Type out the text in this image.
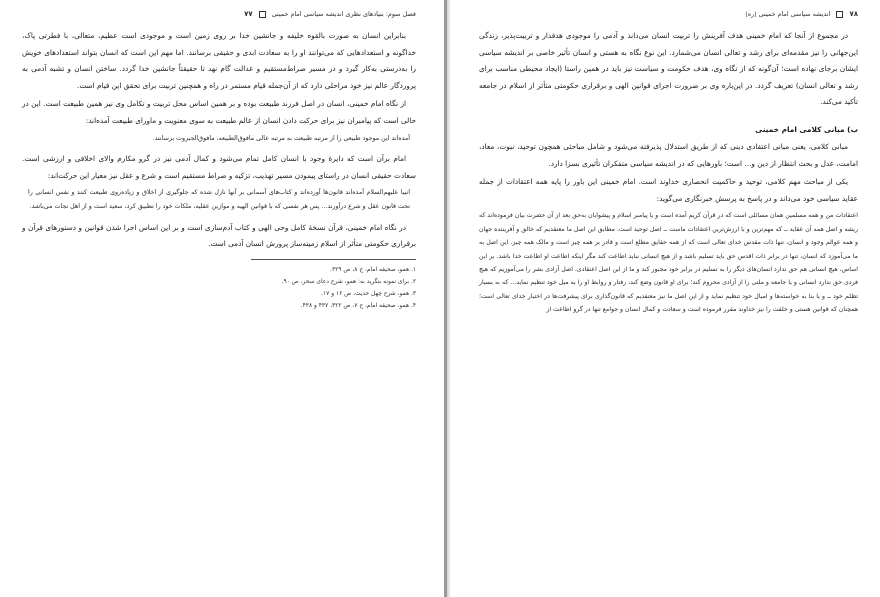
فصل سوم: بنیادهای نظری اندیشه سیاسی امام خمینی
۷۷

بنابراین انسان به صورت بالقوه خلیفه و جانشین خدا بر روی زمین است و موجودی است عظیم، متعالی، با فطرتی پاک، خداگونه و استعدادهایی که می‌توانند او را به سعادت ابدی و حقیقی برسانند. اما مهم این است که انسان بتواند استعدادهای خویش را به‌درستی به‌کار گیرد و در مسیر صراط‌مستقیم و عدالت گام نهد تا حقیقتاً جانشین خدا گردد. ساختن انسان و تشبه آدمی به پروردگار عالم نیز خود مراحلی دارد که از آن‌جمله قیام مستمر در راه و همچنین تربیت برای تحقق این قیام است.

از نگاه امام خمینی، انسان در اصل فرزند طبیعت بوده و بر همین اساس محل تربیت و تکامل وی نیز همین طبیعت است. این در حالی است که پیامبران نیز برای حرکت دادن انسان از عالم طبیعت به سوی معنویت و ماورای طبیعت آمده‌اند:

آمده‌اند این موجود طبیعی را از مرتبه طبیعت به مرتبه عالی مافوق‌الطبیعه، مافوق‌الجبروت برسانند.

امام برآن است که دایرهٔ وجود با انسان کامل تمام می‌شود و کمال آدمی نیز در گرو مکارم والای اخلاقی و ارزشی است. سعادت حقیقی انسان در راستای پیمودن مسیر تهذیب، تزکیه و صراط مستقیم است و شرع و عقل نیز معیار این حرکت‌اند:

انبیا علیهم‌السلام آمده‌اند قانون‌ها آورده‌اند و کتاب‌های آسمانی بر آنها نازل شده که جلوگیری از اخلاق و زیاده‌روی طبیعت کنند و نفس انسانی را تحت قانون عقل و شرع درآورند... پس هر نفسی که با قوانین الهیه و موازین عقلیه، ملکات خود را تطبیق کرد، سعید است و از اهل نجات می‌باشد.

در نگاه امام خمینی، قرآن نسخهٔ کامل وحی الهی و کتاب آدم‌سازی است و بر این اساس اجرا شدن قوانین و دستورهای قرآن و برقراری حکومتی متأثر از اسلام زمینه‌ساز پرورش انسان آدمی است.

۱. همو، صحیفه امام، ج ۸، ص ۳۲۹.
۲. برای نمونه بنگرید به: همو، شرح دعای سحر، ص ۹۰.
۳. همو، شرح چهل حدیث، ص ۱۶ و ۱۷.
۴. همو، صحیفه امام، ج ۷، ص ۳۲۲، ۴۳۷ و ۴۳۸.
۷۸
اندیشه سیاسی امام خمینی (ره)

در مجموع از آنجا که امام خمینی هدف آفرینش را تربیت انسان می‌داند و آدمی را موجودی هدفدار و تربیت‌پذیر، زندگی این‌جهانی را نیز مقدمه‌ای برای رشد و تعالی انسان می‌شمارد. این نوع نگاه به هستی و انسان تأثیر خاصی بر اندیشه سیاسی ایشان برجای نهاده است؛ آن‌گونه که از نگاه وی، هدف حکومت و سیاست نیز باید در همین راستا (ایجاد محیطی مناسب برای رشد و تعالی انسان) تعریف گردد. در این‌باره وی بر ضرورت اجرای قوانین الهی و برقراری حکومتی متأثر از اسلام در جامعه تأکید می‌کند.

ب) مبانی کلامی امام خمینی

مبانی کلامی، یعنی مبانی اعتقادی دینی که از طریق استدلال پذیرفته می‌شود و شامل مباحثی همچون توحید، نبوت، معاد، امامت، عدل و بحث انتظار از دین و... است؛ باورهایی که در اندیشه سیاسی متفکران تأثیری بسزا دارد.

یکی از مباحث مهم کلامی، توحید و حاکمیت انحصاری خداوند است. امام خمینی این باور را پایه همه اعتقادات از جمله عقاید سیاسی خود می‌داند و در پاسخ به پرسش خبرنگاری می‌گوید:

اعتقادات من و همه مسلمین همان مسائلی است که در قرآن کریم آمده است و یا پیامبر اسلام و پیشوایان به‌حق بعد از آن حضرت بیان فرموده‌اند که ریشه و اصل همه آن عقاید ــ که مهم‌ترین و با ارزش‌ترین اعتقادات ماست ــ اصل توحید است. مطابق این اصل ما معتقدیم که خالق و آفریننده جهان و همه عوالم وجود و انسان، تنها ذات مقدس خدای تعالی است که از همه حقایق مطلع است و قادر بر همه چیز است و مالک همه چیز. این اصل به ما می‌آموزد که انسان، تنها در برابر ذات اقدس حق باید تسلیم باشد و از هیچ انسانی نباید اطاعت کند مگر اینکه اطاعت او اطاعت خدا باشد. بر این اساس، هیچ انسانی هم حق ندارد انسان‌های دیگر را به تسلیم در برابر خود مجبور کند و ما از این اصل اعتقادی، اصل آزادی بشر را می‌آموزیم که هیچ فردی حق ندارد انسانی و یا جامعه و ملتی را از آزادی محروم کند؛ برای او قانون وضع کند، رفتار و روابط او را به میل خود تنظیم نماید... که به بسیار تظلم خود ــ و یا بنا به خواسته‌ها و امیال خود تنظیم نماید و از این اصل ما نیز معتقدیم که قانون‌گذاری برای پیشرفت‌ها در اختیار خدای تعالی است؛ همچنان که قوانین هستی و خلقت را نیز خداوند مقرر فرموده است و سعادت و کمال انسان و جوامع تنها در گرو اطاعت از
